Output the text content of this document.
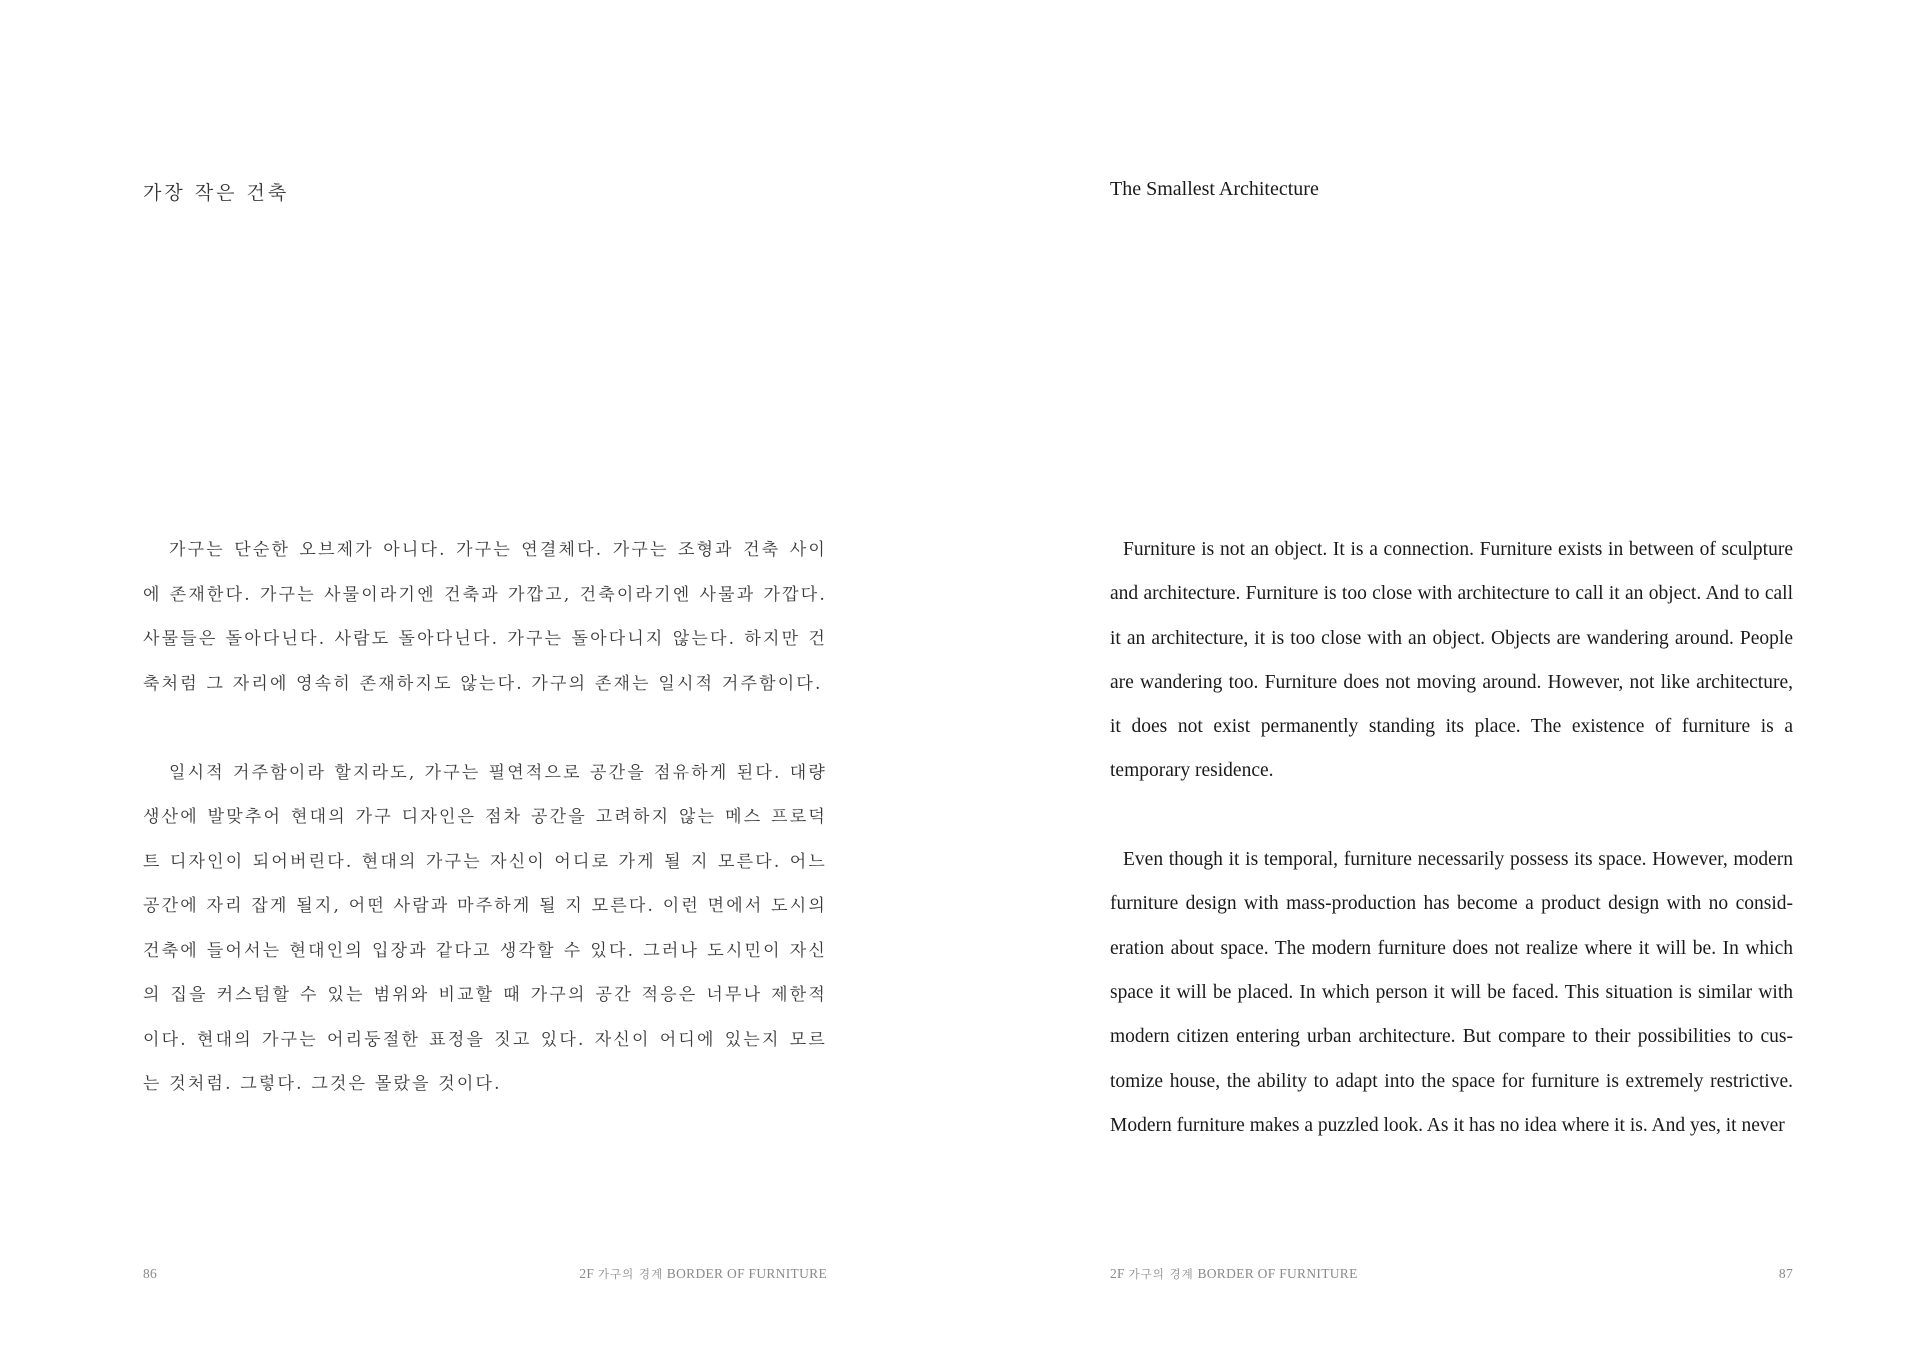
가장 작은 건축

가구는 단순한 오브제가 아니다. 가구는 연결체다. 가구는 조형과 건축 사이에 존재한다. 가구는 사물이라기엔 건축과 가깝고, 건축이라기엔 사물과 가깝다. 사물들은 돌아다닌다. 사람도 돌아다닌다. 가구는 돌아다니지 않는다. 하지만 건축처럼 그 자리에 영속히 존재하지도 않는다. 가구의 존재는 일시적 거주함이다.

일시적 거주함이라 할지라도, 가구는 필연적으로 공간을 점유하게 된다. 대량생산에 발맞추어 현대의 가구 디자인은 점차 공간을 고려하지 않는 메스 프로덕트 디자인이 되어버린다. 현대의 가구는 자신이 어디로 가게 될 지 모른다. 어느 공간에 자리 잡게 될지, 어떤 사람과 마주하게 될 지 모른다. 이런 면에서 도시의 건축에 들어서는 현대인의 입장과 같다고 생각할 수 있다. 그러나 도시민이 자신의 집을 커스텀할 수 있는 범위와 비교할 때 가구의 공간 적응은 너무나 제한적이다. 현대의 가구는 어리둥절한 표정을 짓고 있다. 자신이 어디에 있는지 모르는 것처럼. 그렇다. 그것은 몰랐을 것이다.

86	2F 가구의 경계 BORDER OF FURNITURE
The Smallest Architecture

Furniture is not an object. It is a connection. Furniture exists in between of sculpture and architecture. Furniture is too close with architecture to call it an object. And to call it an architecture, it is too close with an object. Objects are wandering around. People are wandering too. Furniture does not moving around. However, not like architecture, it does not exist permanently standing its place. The existence of furniture is a temporary residence.

Even though it is temporal, furniture necessarily possess its space. However, modern furniture design with mass-production has become a product design with no consideration about space. The modern furniture does not realize where it will be. In which space it will be placed. In which person it will be faced. This situation is similar with modern citizen entering urban architecture. But compare to their possibilities to customize house, the ability to adapt into the space for furniture is extremely restrictive. Modern furniture makes a puzzled look. As it has no idea where it is. And yes, it never

2F 가구의 경계 BORDER OF FURNITURE	87
